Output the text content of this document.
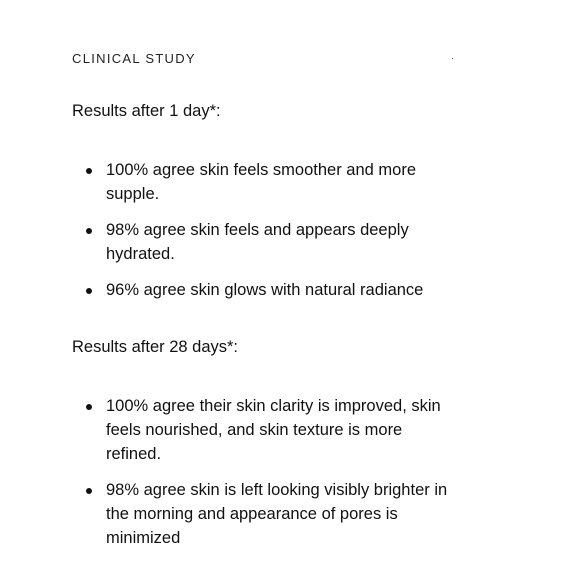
CLINICAL STUDY

Results after 1 day*:

100% agree skin feels smoother and more supple.
98% agree skin feels and appears deeply hydrated.
96% agree skin glows with natural radiance

Results after 28 days*:

100% agree their skin clarity is improved, skin feels nourished, and skin texture is more refined.
98% agree skin is left looking visibly brighter in the morning and appearance of pores is minimized
